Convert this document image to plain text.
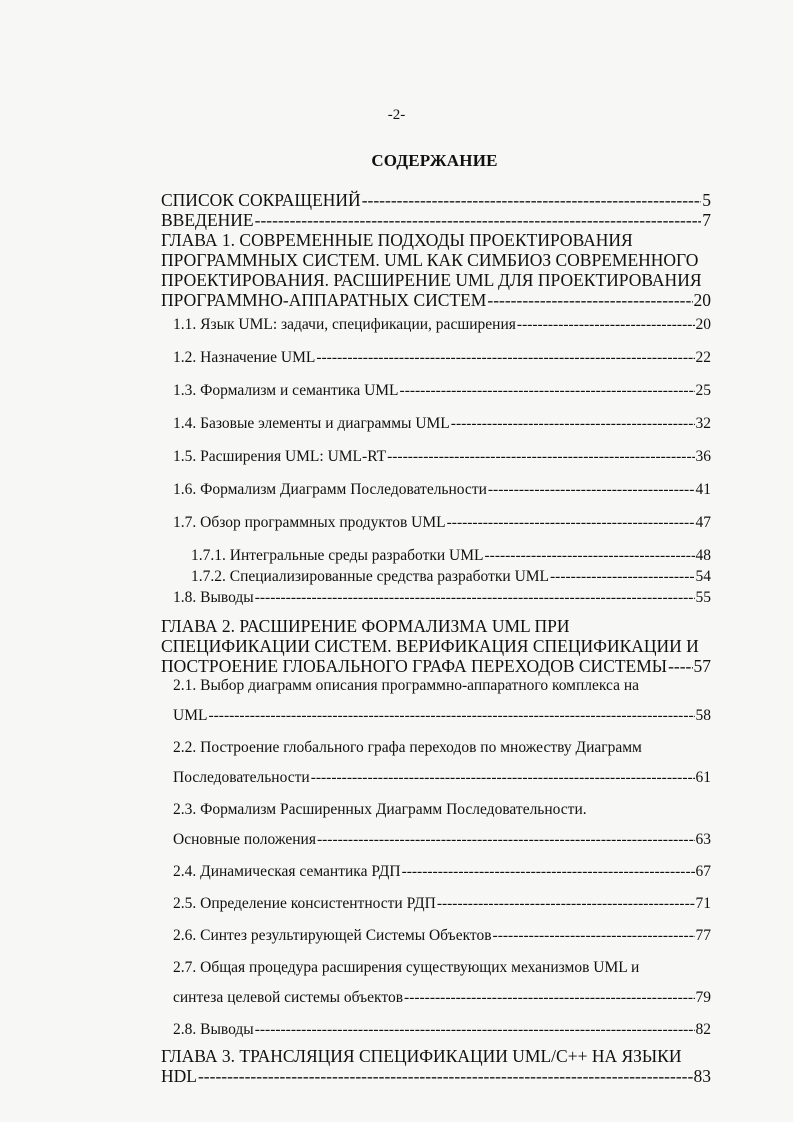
-2-
СОДЕРЖАНИЕ
СПИСОК СОКРАЩЕНИЙ -----	5
ВВЕДЕНИЕ -----	7
ГЛАВА 1. СОВРЕМЕННЫЕ ПОДХОДЫ ПРОЕКТИРОВАНИЯ
ПРОГРАММНЫХ СИСТЕМ. UML КАК СИМБИОЗ СОВРЕМЕННОГО
ПРОЕКТИРОВАНИЯ. РАСШИРЕНИЕ UML ДЛЯ ПРОЕКТИРОВАНИЯ
ПРОГРАММНО-АППАРАТНЫХ СИСТЕМ -----	20
1.1. Язык UML: задачи, спецификации, расширения -----	20
1.2. Назначение UML -----	22
1.3. Формализм и семантика UML -----	25
1.4. Базовые элементы и диаграммы UML -----	32
1.5. Расширения UML: UML-RT -----	36
1.6. Формализм Диаграмм Последовательности -----	41
1.7. Обзор программных продуктов UML -----	47
1.7.1. Интегральные среды разработки UML -----	48
1.7.2. Специализированные средства разработки UML -----	54
1.8. Выводы -----	55
ГЛАВА 2. РАСШИРЕНИЕ ФОРМАЛИЗМА UML ПРИ
СПЕЦИФИКАЦИИ СИСТЕМ. ВЕРИФИКАЦИЯ СПЕЦИФИКАЦИИ И
ПОСТРОЕНИЕ ГЛОБАЛЬНОГО ГРАФА ПЕРЕХОДОВ СИСТЕМЫ ----- 57
2.1. Выбор диаграмм описания программно-аппаратного комплекса на
UML -----	58
2.2. Построение глобального графа переходов по множеству Диаграмм
Последовательности -----	61
2.3. Формализм Расширенных Диаграмм Последовательности.
Основные положения -----	63
2.4. Динамическая семантика РДП -----	67
2.5. Определение консистентности РДП -----	71
2.6. Синтез результирующей Системы Объектов -----	77
2.7. Общая процедура расширения существующих механизмов UML и
синтеза целевой системы объектов -----	79
2.8. Выводы -----	82
ГЛАВА 3. ТРАНСЛЯЦИЯ СПЕЦИФИКАЦИИ UML/C++ НА ЯЗЫКИ
HDL -----	83
